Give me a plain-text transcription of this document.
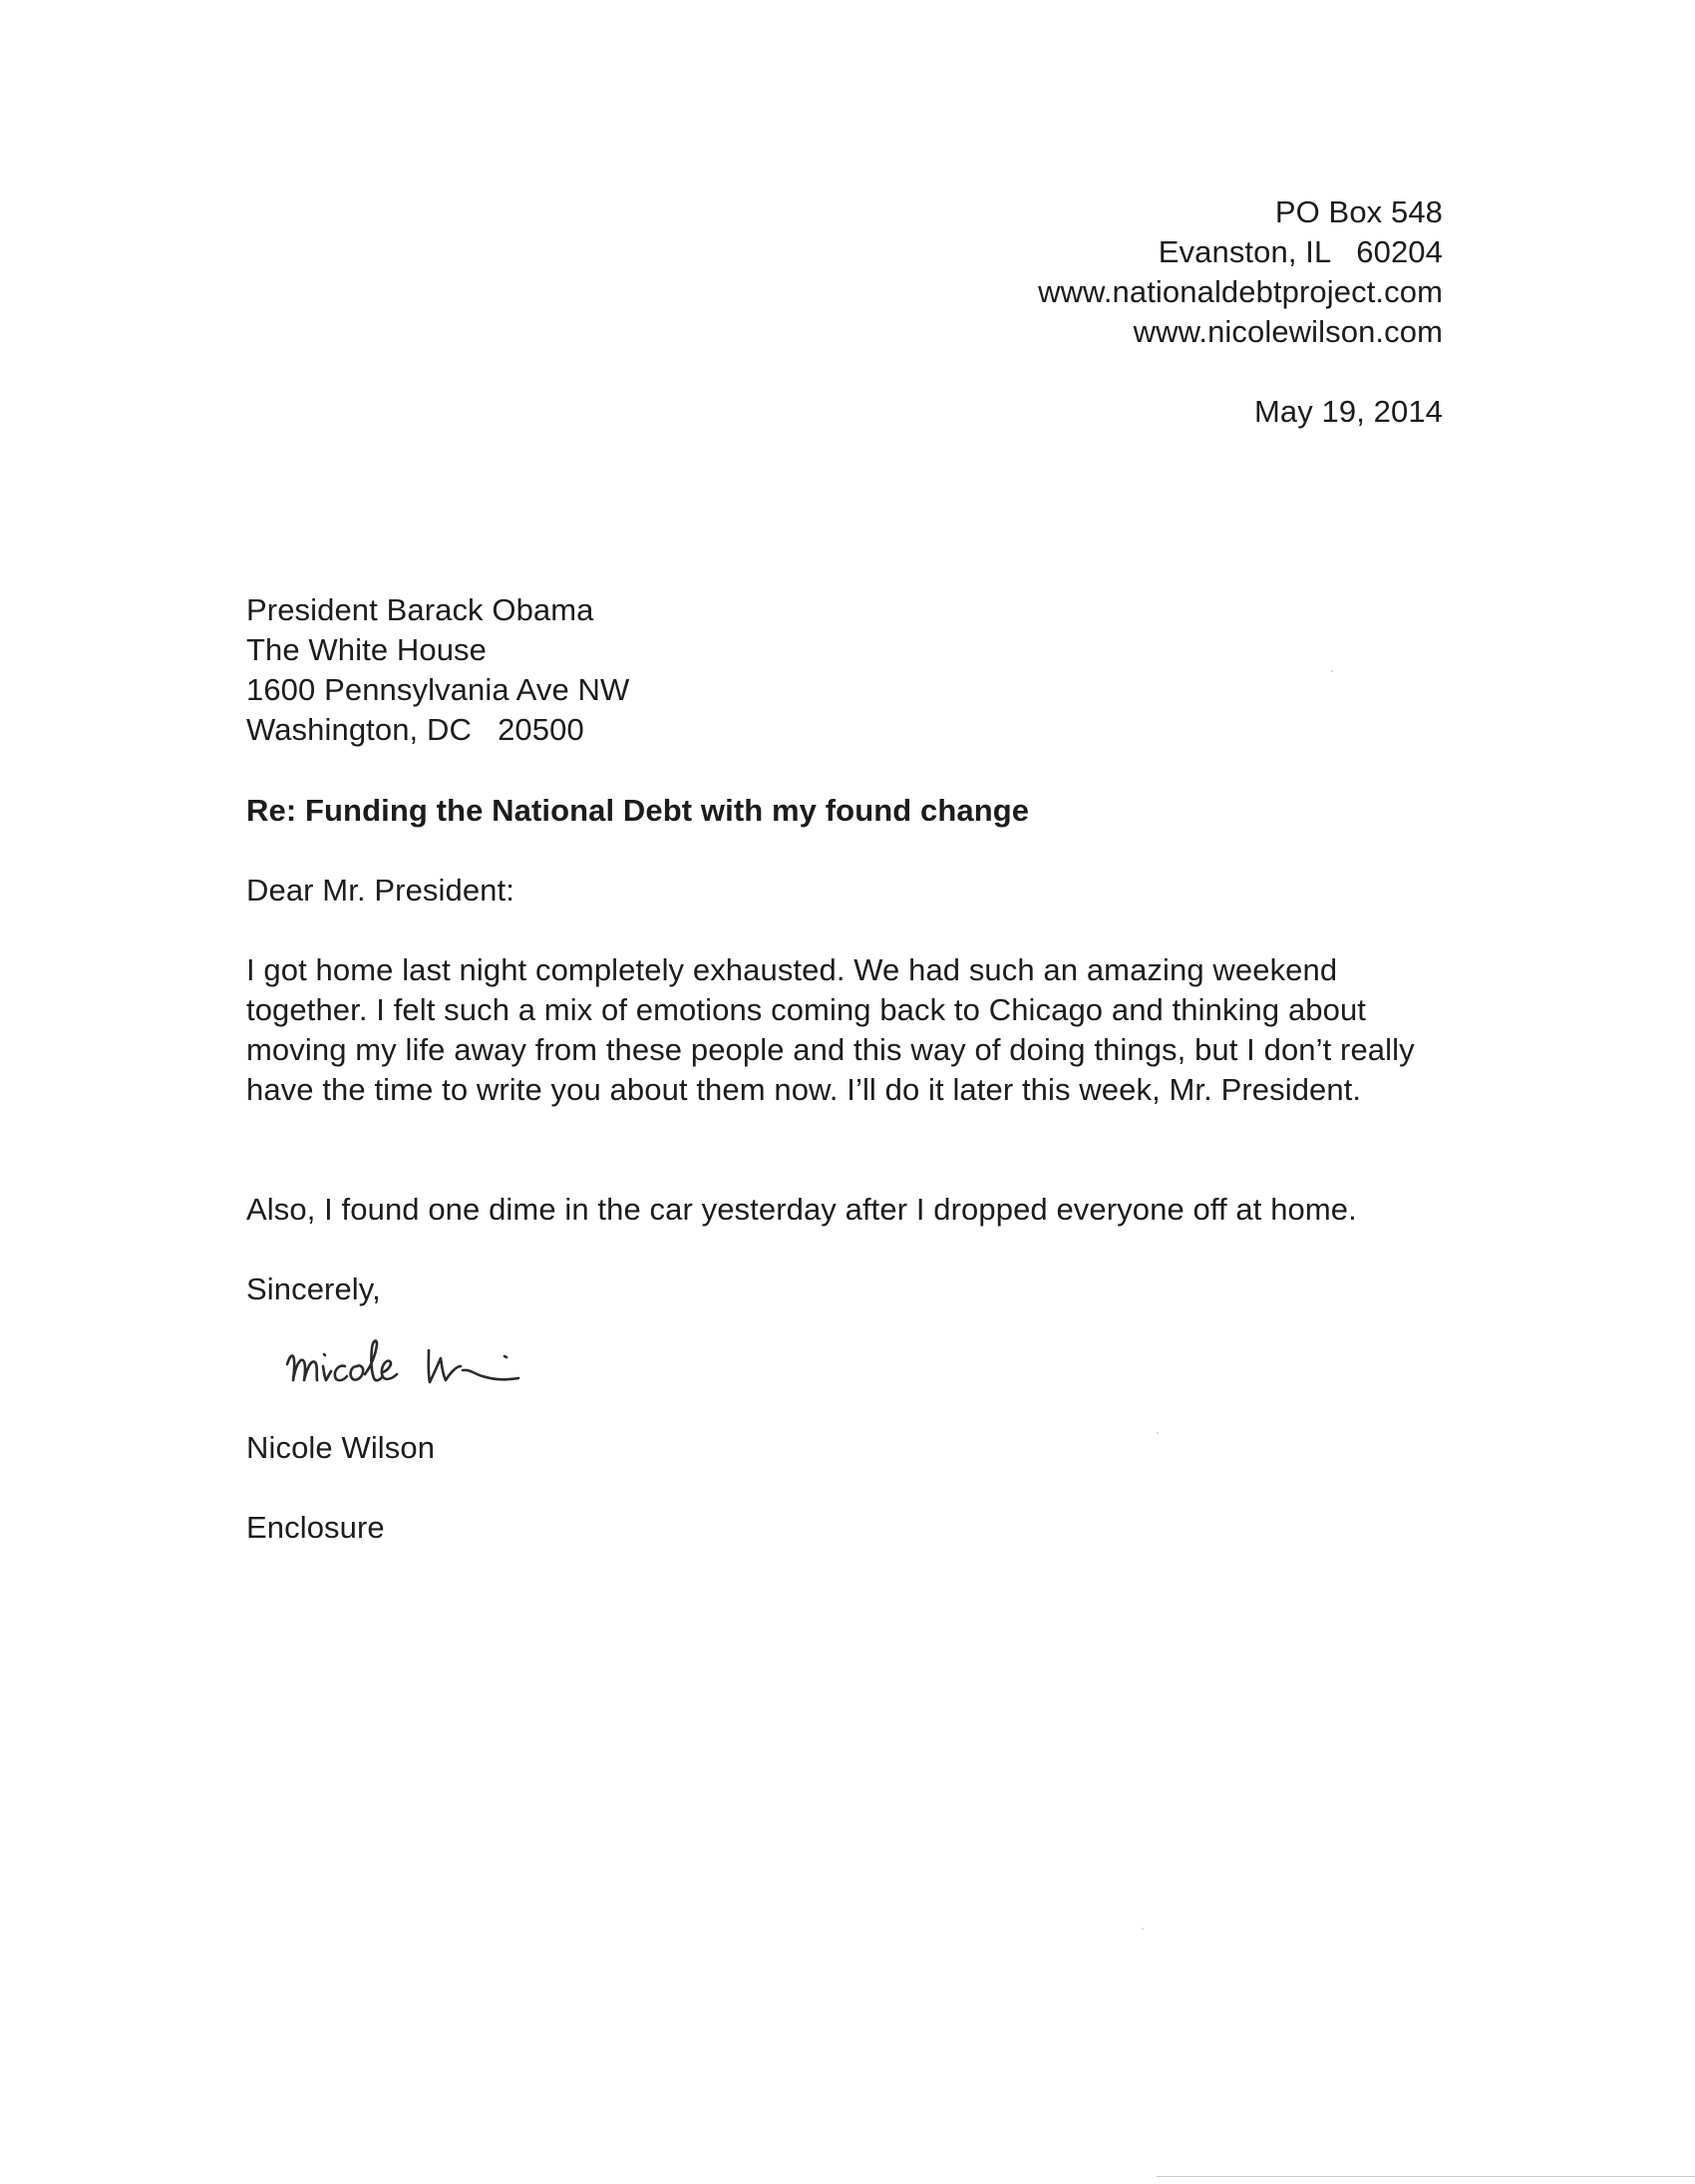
PO Box 548
Evanston, IL   60204
www.nationaldebtproject.com
www.nicolewilson.com
May 19, 2014
President Barack Obama
The White House
1600 Pennsylvania Ave NW
Washington, DC   20500
Re: Funding the National Debt with my found change
Dear Mr. President:
I got home last night completely exhausted. We had such an amazing weekend together. I felt such a mix of emotions coming back to Chicago and thinking about moving my life away from these people and this way of doing things, but I don’t really have the time to write you about them now. I’ll do it later this week, Mr. President.
Also, I found one dime in the car yesterday after I dropped everyone off at home.
Sincerely,
Nicole Wilson
Enclosure
